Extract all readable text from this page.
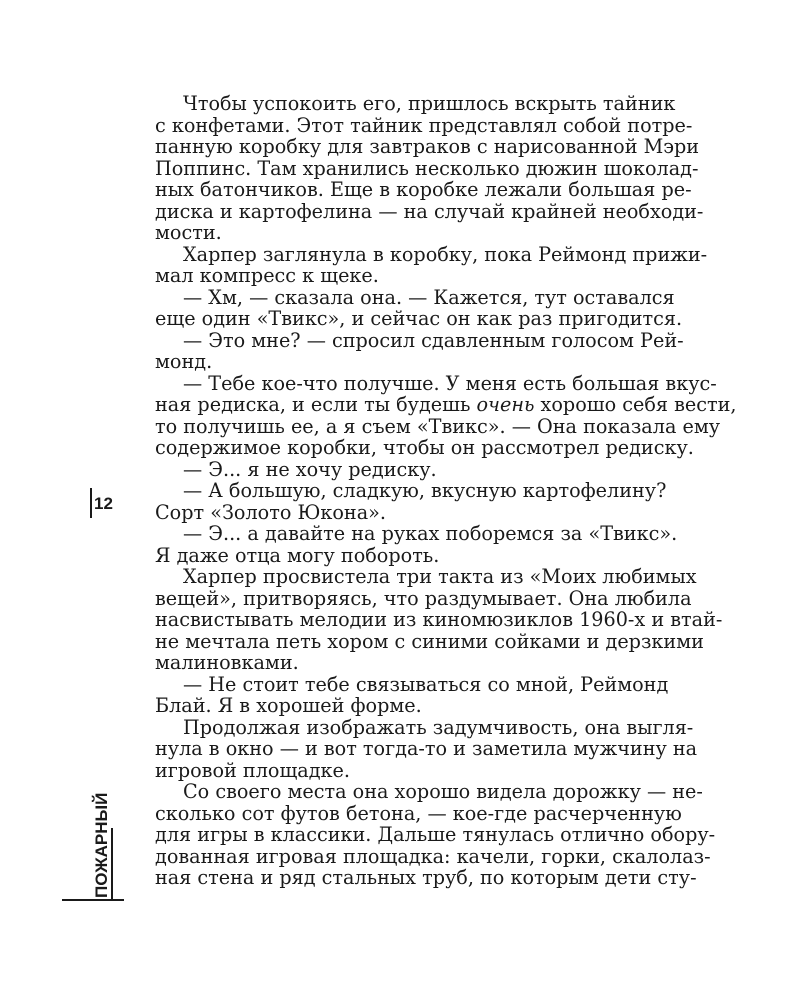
12
ПОЖАРНЫЙ

Чтобы успокоить его, пришлось вскрыть тайник
с конфетами. Этот тайник представлял собой потре-
панную коробку для завтраков с нарисованной Мэри
Поппинс. Там хранились несколько дюжин шоколад-
ных батончиков. Еще в коробке лежали большая ре-
диска и картофелина — на случай крайней необходи-
мости.

Харпер заглянула в коробку, пока Реймонд прижи-
мал компресс к щеке.

— Хм, — сказала она. — Кажется, тут оставался
еще один «Твикс», и сейчас он как раз пригодится.

— Это мне? — спросил сдавленным голосом Рей-
монд.

— Тебе кое-что получше. У меня есть большая вкус-
ная редиска, и если ты будешь очень хорошо себя вести,
то получишь ее, а я съем «Твикс». — Она показала ему
содержимое коробки, чтобы он рассмотрел редиску.

— Э... я не хочу редиску.

— А большую, сладкую, вкусную картофелину?
Сорт «Золото Юкона».

— Э... а давайте на руках поборемся за «Твикс».
Я даже отца могу побороть.

Харпер просвистела три такта из «Моих любимых
вещей», притворяясь, что раздумывает. Она любила
насвистывать мелодии из киномюзиклов 1960-х и втай-
не мечтала петь хором с синими сойками и дерзкими
малиновками.

— Не стоит тебе связываться со мной, Реймонд
Блай. Я в хорошей форме.

Продолжая изображать задумчивость, она выгля-
нула в окно — и вот тогда-то и заметила мужчину на
игровой площадке.

Со своего места она хорошо видела дорожку — не-
сколько сот футов бетона, — кое-где расчерченную
для игры в классики. Дальше тянулась отлично обору-
дованная игровая площадка: качели, горки, скалолаз-
ная стена и ряд стальных труб, по которым дети сту-
